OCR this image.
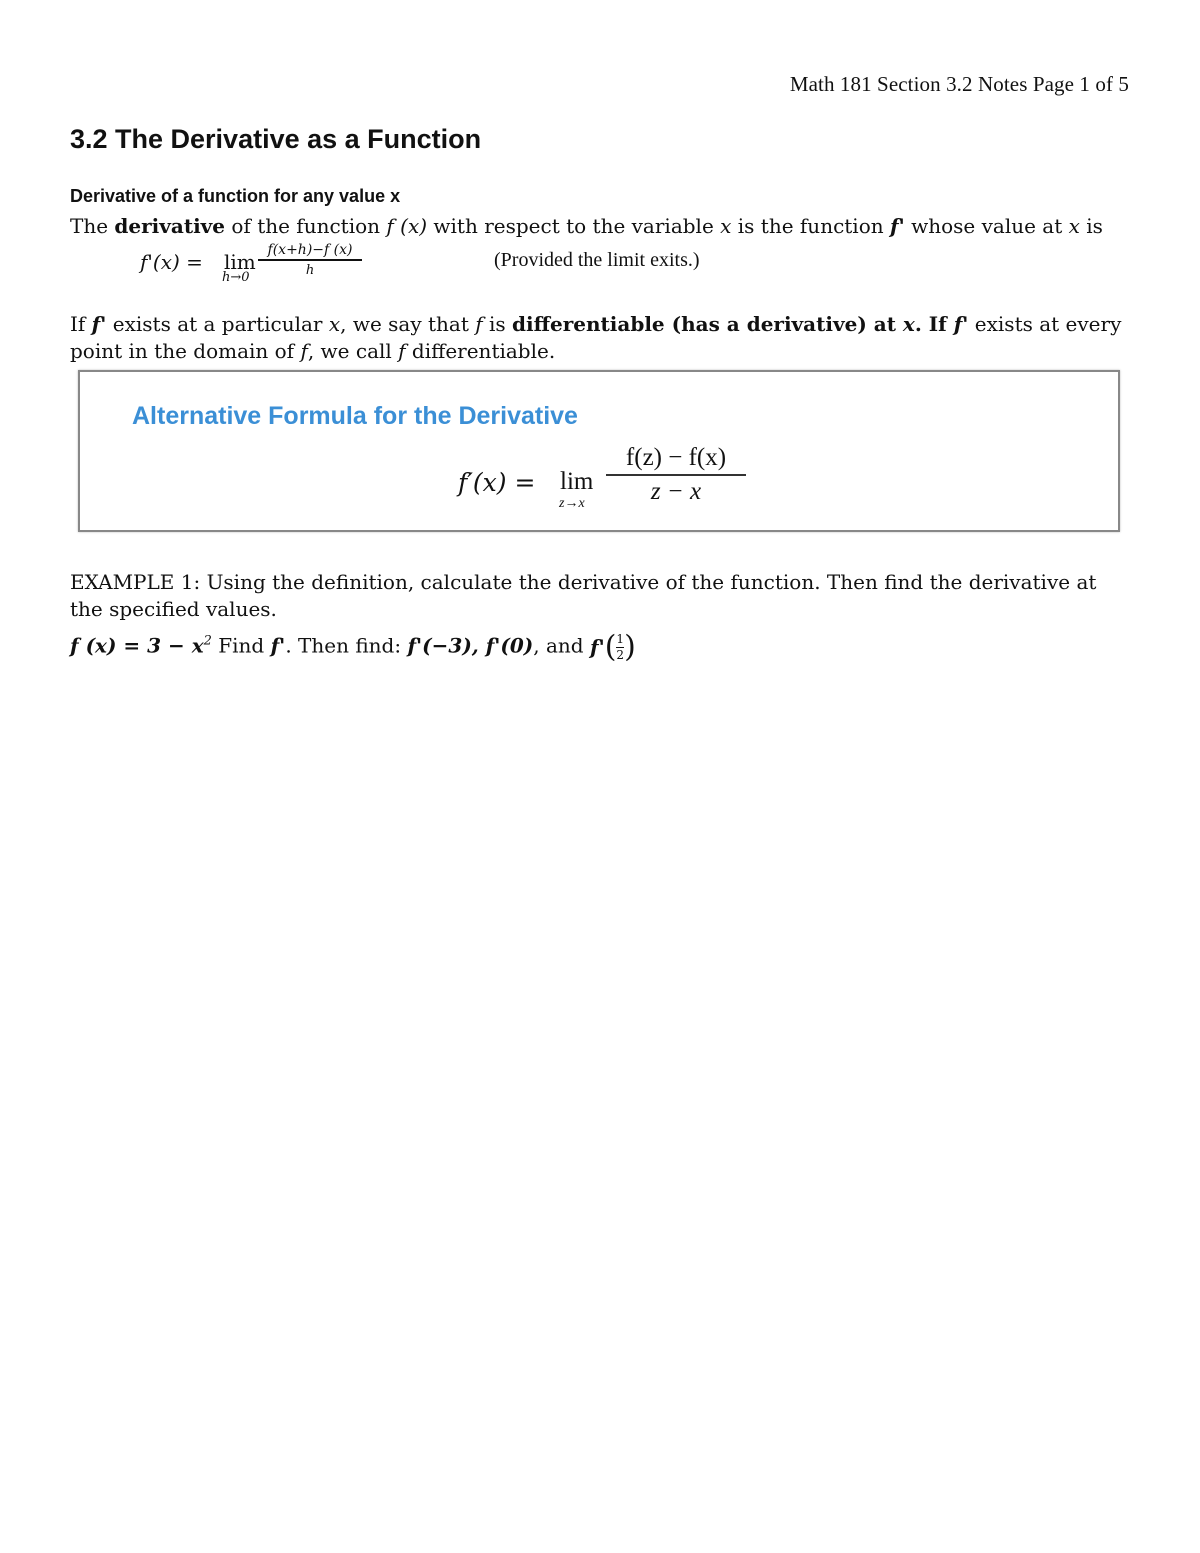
Math 181 Section 3.2 Notes Page 1 of 5
3.2 The Derivative as a Function
Derivative of a function for any value x
The derivative of the function f (x) with respect to the variable x is the function f' whose value at x is
f'(x) = lim
h→0
f(x+h)−f (x)
h	(Provided the limit exits.)
If f' exists at a particular x, we say that f is differentiable (has a derivative) at x. If f' exists at every point in the domain of f, we call f differentiable.
Alternative Formula for the Derivative
f′(x) = lim
z→x
f(z) − f(x)
z − x
EXAMPLE 1: Using the definition, calculate the derivative of the function. Then find the derivative at the specified values.
f $(x) = 3 - x^2$ Find f'. Then find: f'(−3), f'(0), and $f'( \frac{1}{2}$ )
